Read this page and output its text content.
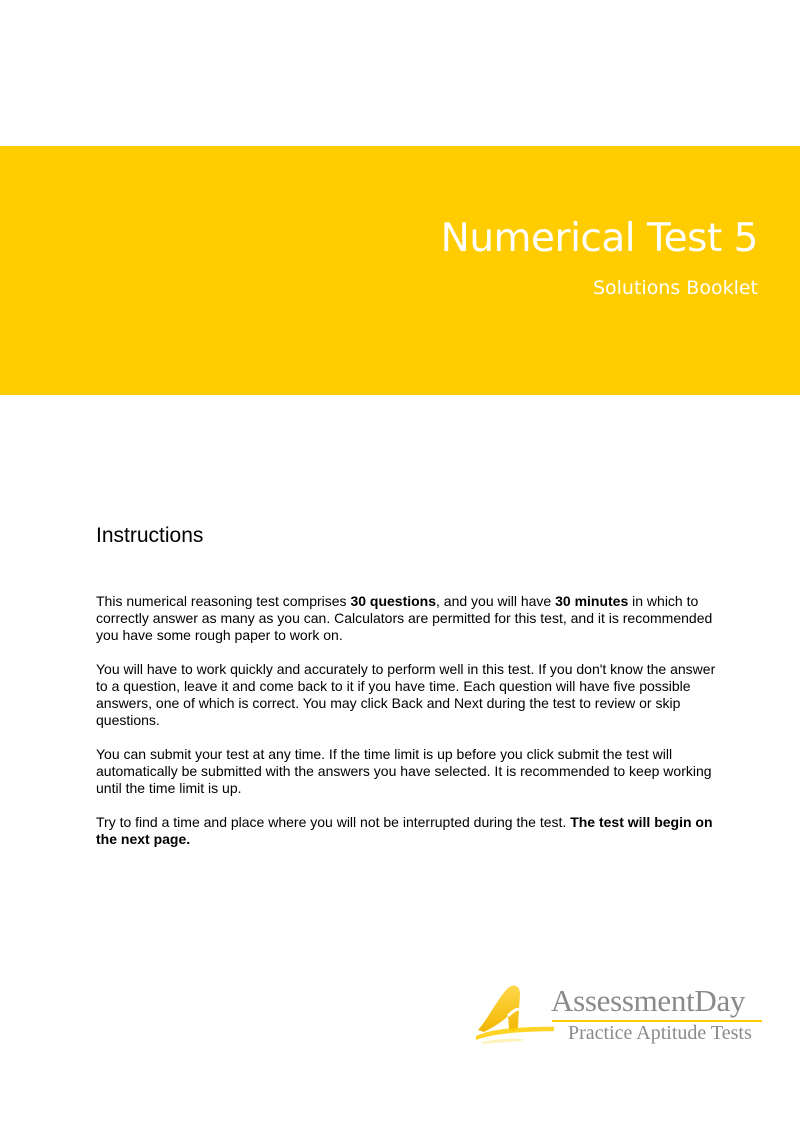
Numerical Test 5

Solutions Booklet

Instructions

This numerical reasoning test comprises 30 questions, and you will have 30 minutes in which to correctly answer as many as you can. Calculators are permitted for this test, and it is recommended you have some rough paper to work on.

You will have to work quickly and accurately to perform well in this test. If you don't know the answer to a question, leave it and come back to it if you have time. Each question will have five possible answers, one of which is correct. You may click Back and Next during the test to review or skip questions.

You can submit your test at any time. If the time limit is up before you click submit the test will automatically be submitted with the answers you have selected. It is recommended to keep working until the time limit is up.

Try to find a time and place where you will not be interrupted during the test. The test will begin on the next page.

AssessmentDay
Practice Aptitude Tests
